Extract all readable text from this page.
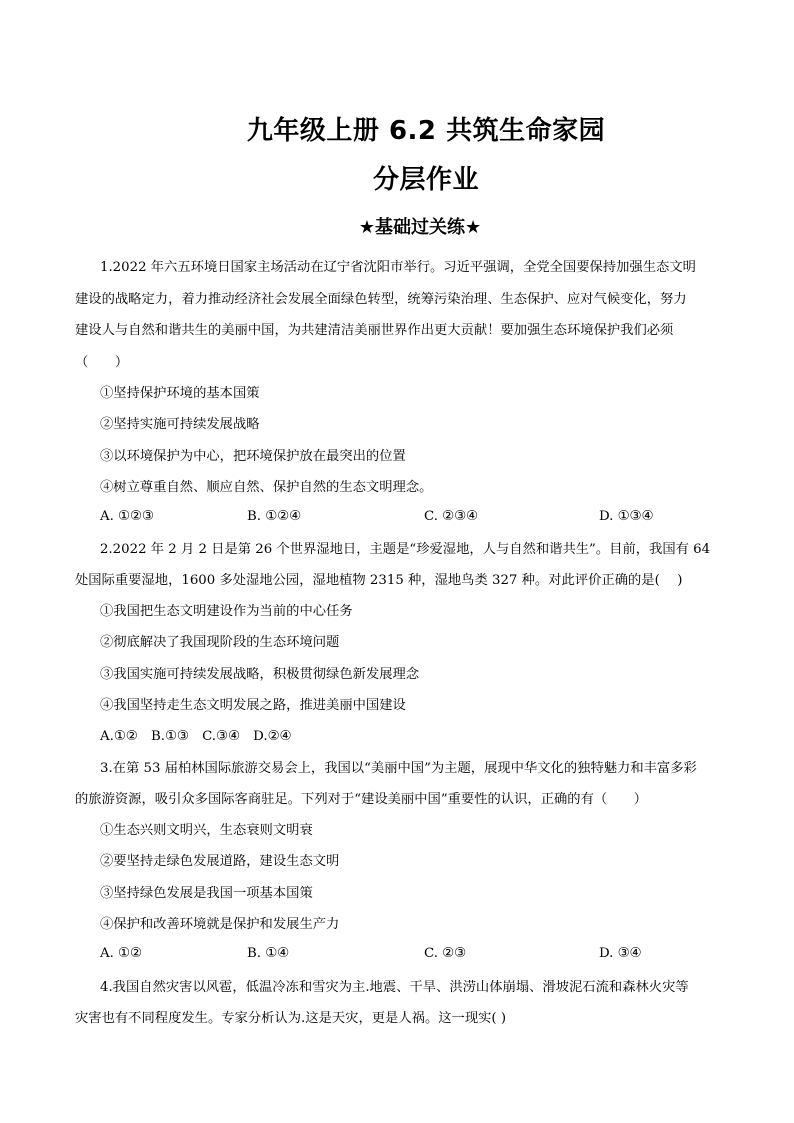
九年级上册 6.2 共筑生命家园
分层作业
★基础过关练★
1.2022 年六五环境日国家主场活动在辽宁省沈阳市举行。习近平强调，全党全国要保持加强生态文明
建设的战略定力，着力推动经济社会发展全面绿色转型，统筹污染治理、生态保护、应对气候变化，努力
建设人与自然和谐共生的美丽中国，为共建清洁美丽世界作出更大贡献！要加强生态环境保护我们必须
（　　）
①坚持保护环境的基本国策
②坚持实施可持续发展战略
③以环境保护为中心，把环境保护放在最突出的位置
④树立尊重自然、顺应自然、保护自然的生态文明理念。
A. ①②③	B. ①②④	C. ②③④	D. ①③④
2.2022 年 2 月 2 日是第 26 个世界湿地日，主题是“珍爱湿地，人与自然和谐共生”。目前，我国有 64
处国际重要湿地，1600 多处湿地公园，湿地植物 2315 种，湿地鸟类 327 种。对此评价正确的是(　 )
①我国把生态文明建设作为当前的中心任务
②彻底解决了我国现阶段的生态环境问题
③我国实施可持续发展战略，积极贯彻绿色新发展理念
④我国坚持走生态文明发展之路，推进美丽中国建设
A.①②　B.①③　C.③④　D.②④
3.在第 53 届柏林国际旅游交易会上，我国以“美丽中国”为主题，展现中华文化的独特魅力和丰富多彩
的旅游资源，吸引众多国际客商驻足。下列对于“建设美丽中国”重要性的认识，正确的有（　　）
①生态兴则文明兴，生态衰则文明衰
②要坚持走绿色发展道路，建设生态文明
③坚持绿色发展是我国一项基本国策
④保护和改善环境就是保护和发展生产力
A. ①②	B. ①④	C. ②③	D. ③④
4.我国自然灾害以风雹，低温冷冻和雪灾为主.地震、干旱、洪涝山体崩塌、滑坡泥石流和森林火灾等
灾害也有不同程度发生。专家分析认为.这是天灾，更是人祸。这一现实( )
